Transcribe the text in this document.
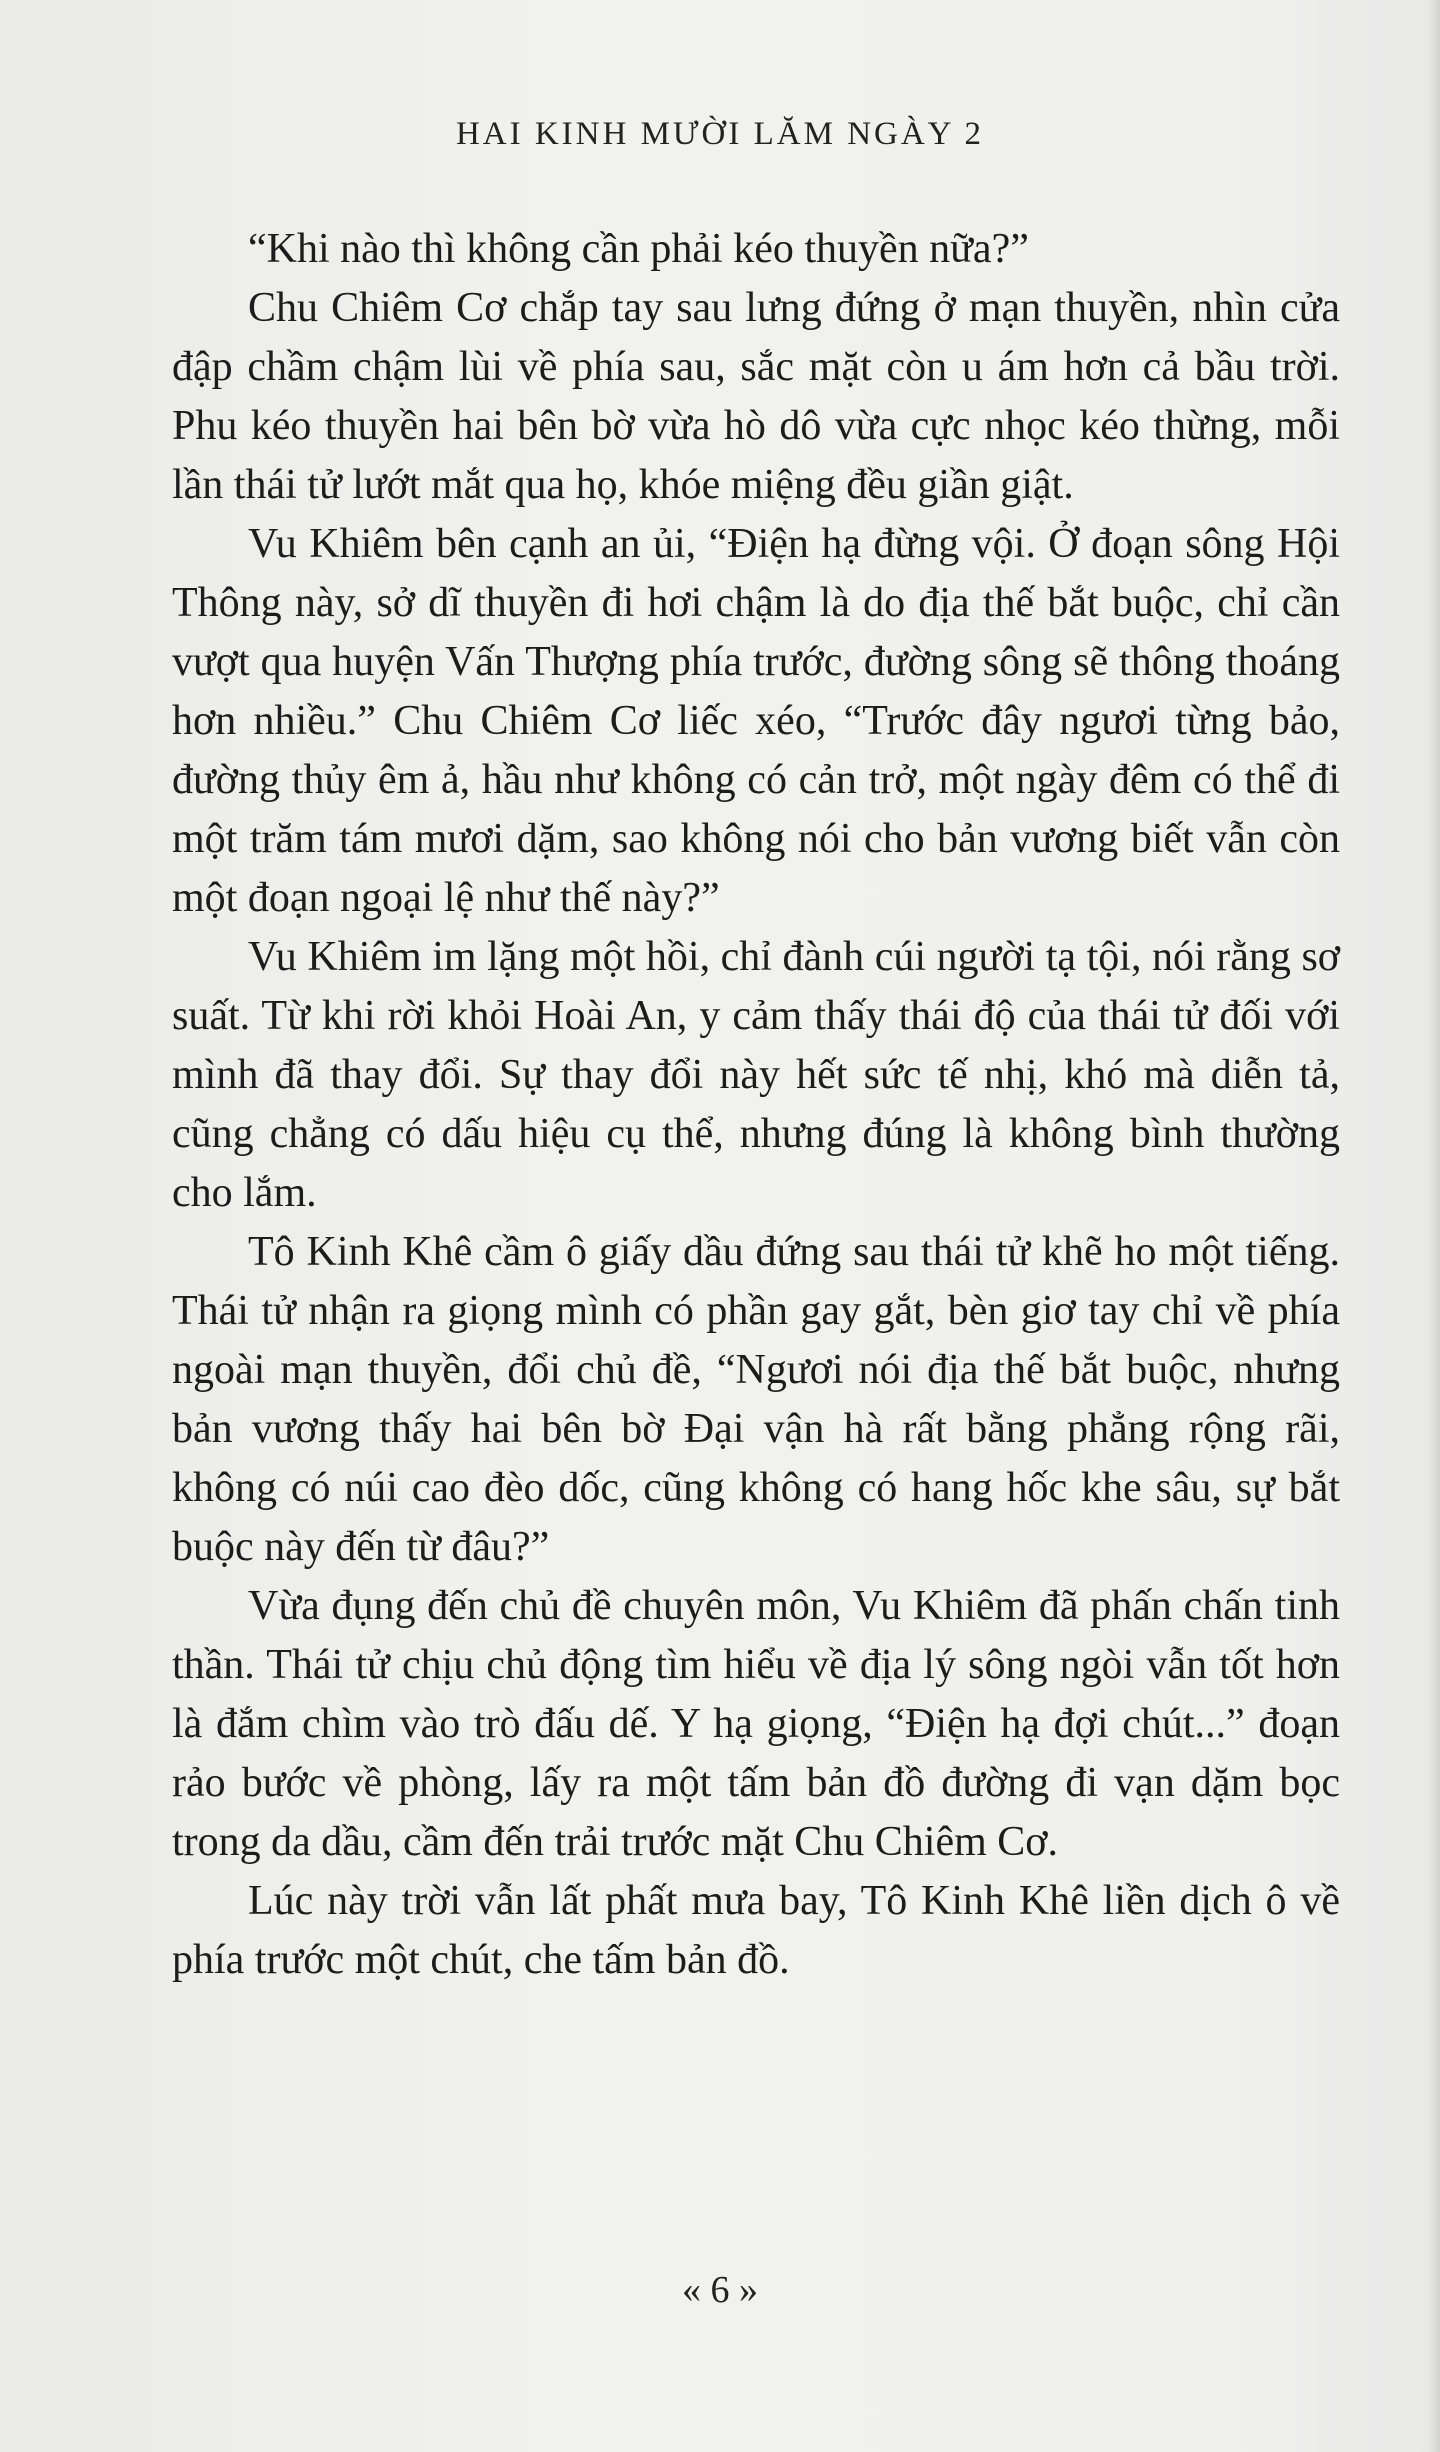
HAI KINH MƯỜI LĂM NGÀY 2

“Khi nào thì không cần phải kéo thuyền nữa?”

Chu Chiêm Cơ chắp tay sau lưng đứng ở mạn thuyền, nhìn cửa đập chầm chậm lùi về phía sau, sắc mặt còn u ám hơn cả bầu trời. Phu kéo thuyền hai bên bờ vừa hò dô vừa cực nhọc kéo thừng, mỗi lần thái tử lướt mắt qua họ, khóe miệng đều giần giật.

Vu Khiêm bên cạnh an ủi, “Điện hạ đừng vội. Ở đoạn sông Hội Thông này, sở dĩ thuyền đi hơi chậm là do địa thế bắt buộc, chỉ cần vượt qua huyện Vấn Thượng phía trước, đường sông sẽ thông thoáng hơn nhiều.” Chu Chiêm Cơ liếc xéo, “Trước đây ngươi từng bảo, đường thủy êm ả, hầu như không có cản trở, một ngày đêm có thể đi một trăm tám mươi dặm, sao không nói cho bản vương biết vẫn còn một đoạn ngoại lệ như thế này?”

Vu Khiêm im lặng một hồi, chỉ đành cúi người tạ tội, nói rằng sơ suất. Từ khi rời khỏi Hoài An, y cảm thấy thái độ của thái tử đối với mình đã thay đổi. Sự thay đổi này hết sức tế nhị, khó mà diễn tả, cũng chẳng có dấu hiệu cụ thể, nhưng đúng là không bình thường cho lắm.

Tô Kinh Khê cầm ô giấy dầu đứng sau thái tử khẽ ho một tiếng. Thái tử nhận ra giọng mình có phần gay gắt, bèn giơ tay chỉ về phía ngoài mạn thuyền, đổi chủ đề, “Ngươi nói địa thế bắt buộc, nhưng bản vương thấy hai bên bờ Đại vận hà rất bằng phẳng rộng rãi, không có núi cao đèo dốc, cũng không có hang hốc khe sâu, sự bắt buộc này đến từ đâu?”

Vừa đụng đến chủ đề chuyên môn, Vu Khiêm đã phấn chấn tinh thần. Thái tử chịu chủ động tìm hiểu về địa lý sông ngòi vẫn tốt hơn là đắm chìm vào trò đấu dế. Y hạ giọng, “Điện hạ đợi chút...” đoạn rảo bước về phòng, lấy ra một tấm bản đồ đường đi vạn dặm bọc trong da dầu, cầm đến trải trước mặt Chu Chiêm Cơ.

Lúc này trời vẫn lất phất mưa bay, Tô Kinh Khê liền dịch ô về phía trước một chút, che tấm bản đồ.

« 6 »
